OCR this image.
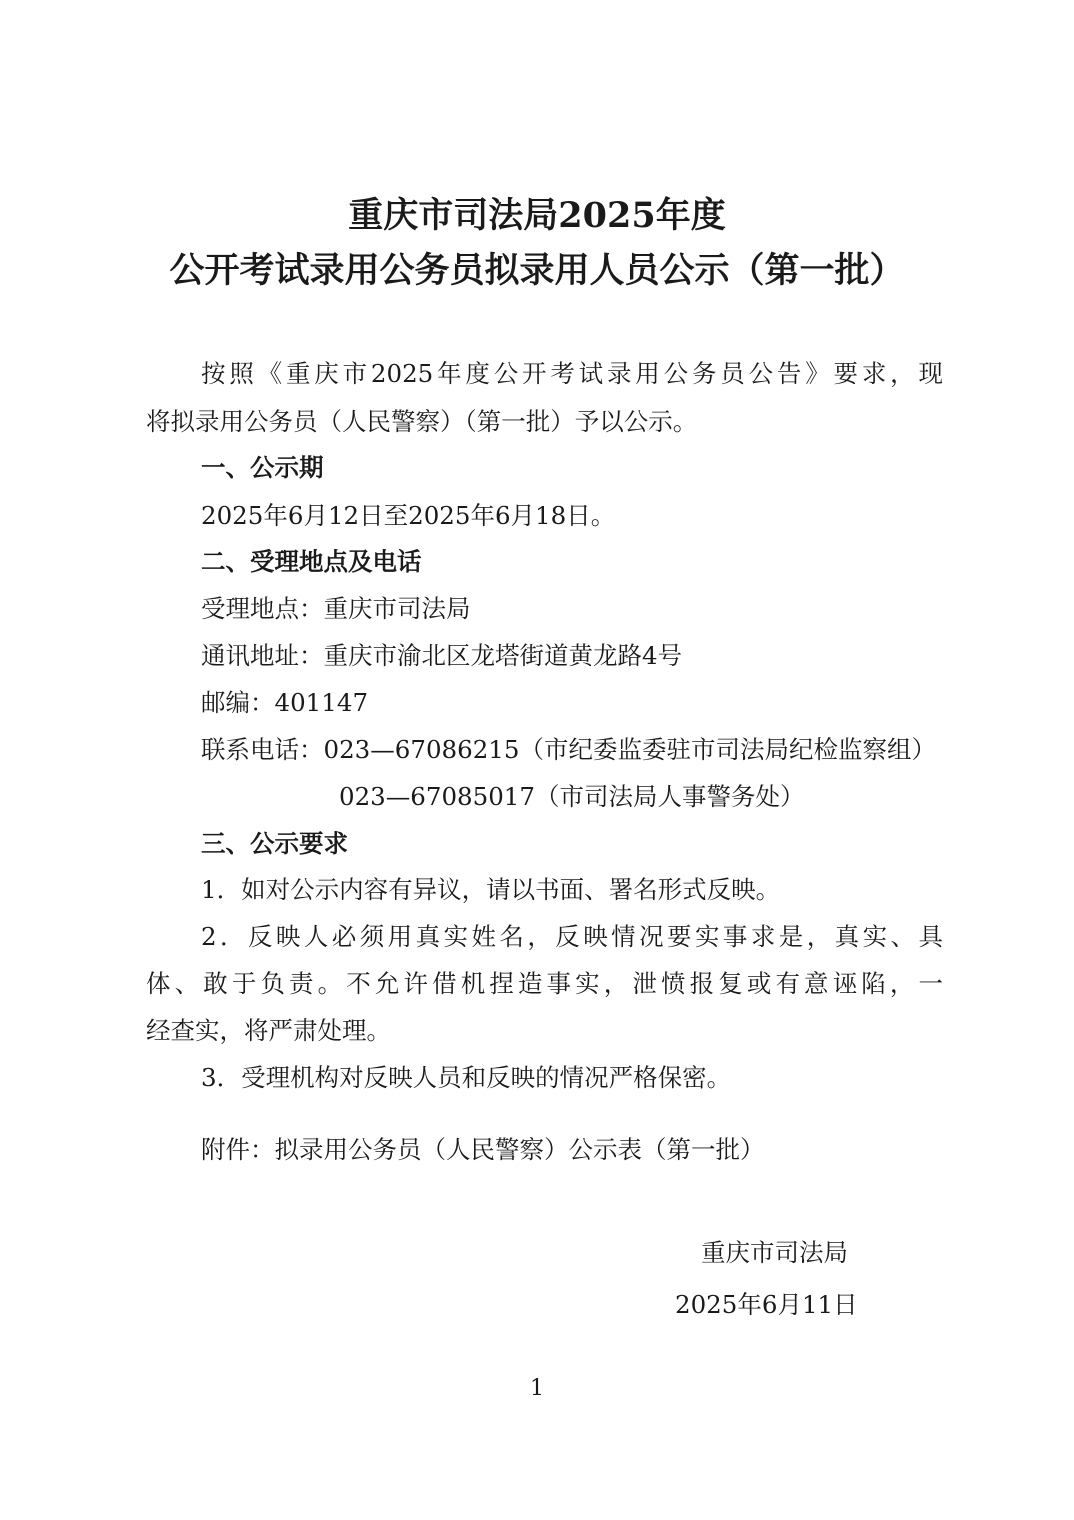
重庆市司法局2025年度
公开考试录用公务员拟录用人员公示（第一批）
按照《重庆市2025年度公开考试录用公务员公告》要求，现
将拟录用公务员（人民警察）（第一批）予以公示。
一、公示期
2025年6月12日至2025年6月18日。
二、受理地点及电话
受理地点：重庆市司法局
通讯地址：重庆市渝北区龙塔街道黄龙路4号
邮编：401147
联系电话：023—67086215（市纪委监委驻市司法局纪检监察组）
023—67085017（市司法局人事警务处）
三、公示要求
1．如对公示内容有异议，请以书面、署名形式反映。
2．反映人必须用真实姓名，反映情况要实事求是，真实、具
体、敢于负责。不允许借机捏造事实，泄愤报复或有意诬陷，一
经查实，将严肃处理。
3．受理机构对反映人员和反映的情况严格保密。
附件：拟录用公务员（人民警察）公示表（第一批）
重庆市司法局
2025年6月11日
1
